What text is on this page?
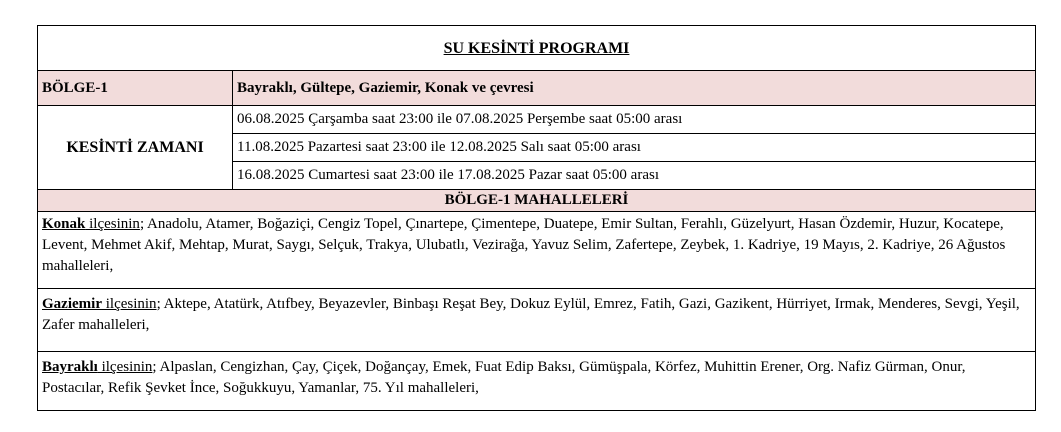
SU KESİNTİ PROGRAMI	
BÖLGE-1	Bayraklı, Gültepe, Gaziemir, Konak ve çevresi
KESİNTİ ZAMANI	06.08.2025 Çarşamba saat 23:00 ile 07.08.2025 Perşembe saat 05:00 arası
	11.08.2025 Pazartesi saat 23:00 ile 12.08.2025 Salı saat 05:00 arası
	16.08.2025 Cumartesi saat 23:00 ile 17.08.2025 Pazar saat 05:00 arası
BÖLGE-1 MAHALLELERİ	
Konak ilçesinin; Anadolu, Atamer, Boğaziçi, Cengiz Topel, Çınartepe, Çimentepe, Duatepe, Emir Sultan, Ferahlı, Güzelyurt, Hasan Özdemir, Huzur, Kocatepe, Levent, Mehmet Akif, Mehtap, Murat, Saygı, Selçuk, Trakya, Ulubatlı, Vezirağa, Yavuz Selim, Zafertepe, Zeybek, 1. Kadriye, 19 Mayıs, 2. Kadriye, 26 Ağustos mahalleleri,	
Gaziemir ilçesinin; Aktepe, Atatürk, Atıfbey, Beyazevler, Binbaşı Reşat Bey, Dokuz Eylül, Emrez, Fatih, Gazi, Gazikent, Hürriyet, Irmak, Menderes, Sevgi, Yeşil, Zafer mahalleleri,	
Bayraklı ilçesinin; Alpaslan, Cengizhan, Çay, Çiçek, Doğançay, Emek, Fuat Edip Baksı, Gümüşpala, Körfez, Muhittin Erener, Org. Nafiz Gürman, Onur, Postacılar, Refik Şevket İnce, Soğukkuyu, Yamanlar, 75. Yıl mahalleleri,	
